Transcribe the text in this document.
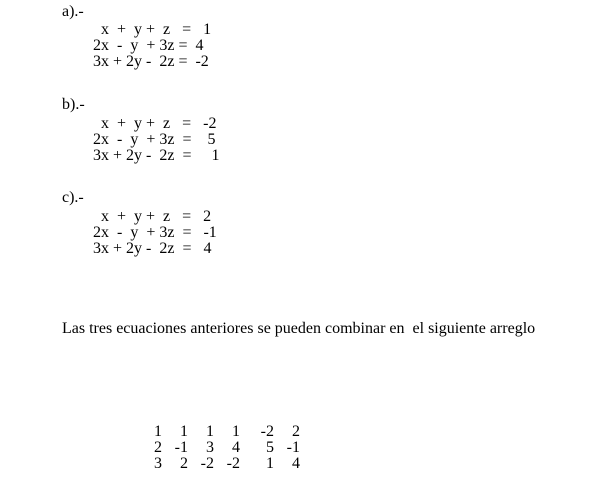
a).-
x  +  y +  z   =   1
2x  -  y  + 3z =  4
3x + 2y -  2z =  -2
b).-
x  +  y +  z   =   -2
2x  -  y  + 3z  =    5
3x + 2y -  2z  =     1
c).-
x  +  y +  z   =   2
2x  -  y  + 3z  =   -1
3x + 2y -  2z  =   4
Las tres ecuaciones anteriores se pueden combinar en  el siguiente arreglo
1	1	1	1	-2	2
2	-1	3	4	5	-1
3	2	-2	-2	1	4
